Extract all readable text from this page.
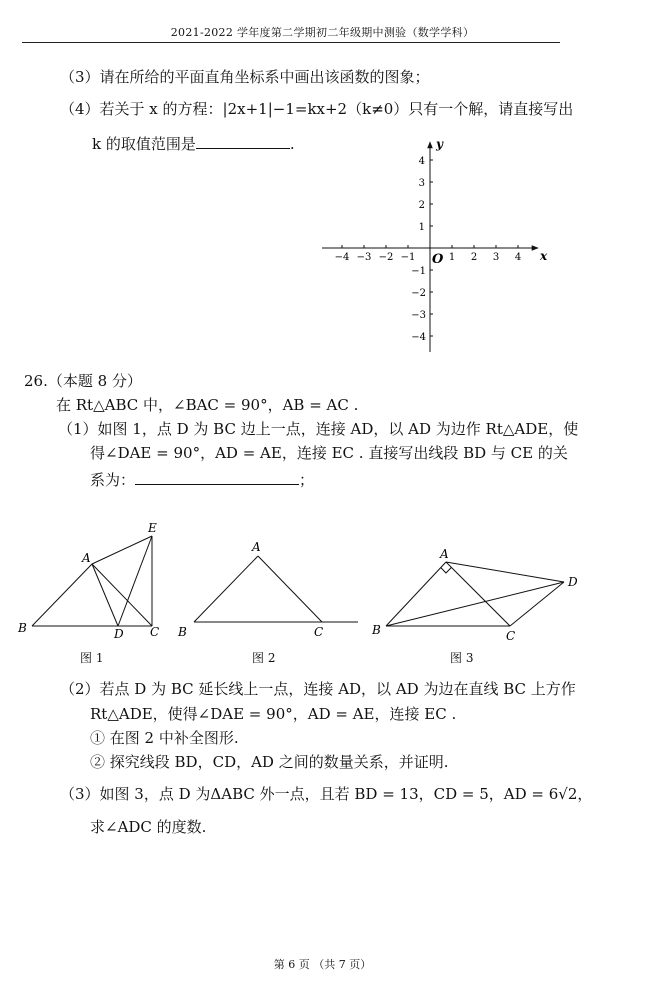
2021-2022 学年度第二学期初二年级期中测验（数学学科）
（3）请在所给的平面直角坐标系中画出该函数的图象；
（4）若关于 x 的方程：|2x+1|−1=kx+2（k≠0）只有一个解，请直接写出
k 的取值范围是	.
−4 −3 −2 −1	1 2 3 4
4
3
2
1
−1
−2
−3
−4
x
y
O
26.（本题 8 分）
在 Rt△ABC 中，∠BAC = 90°，AB = AC .
（1）如图 1，点 D 为 BC 边上一点，连接 AD，以 AD 为边作 Rt△ADE，使
得∠DAE = 90°，AD = AE，连接 EC . 直接写出线段 BD 与 CE 的关
系为：	；
E
A
B	D C
图 1
A
B	C
图 2
A
B	C
D
图 3
（2）若点 D 为 BC 延长线上一点，连接 AD，以 AD 为边在直线 BC 上方作
Rt△ADE，使得∠DAE = 90°，AD = AE，连接 EC .
① 在图 2 中补全图形.
② 探究线段 BD，CD，AD 之间的数量关系，并证明.
（3）如图 3，点 D 为ΔABC 外一点，且若 BD = 13，CD = 5，AD = 6√2，
求∠ADC 的度数.
第 6 页 （共 7 页）
